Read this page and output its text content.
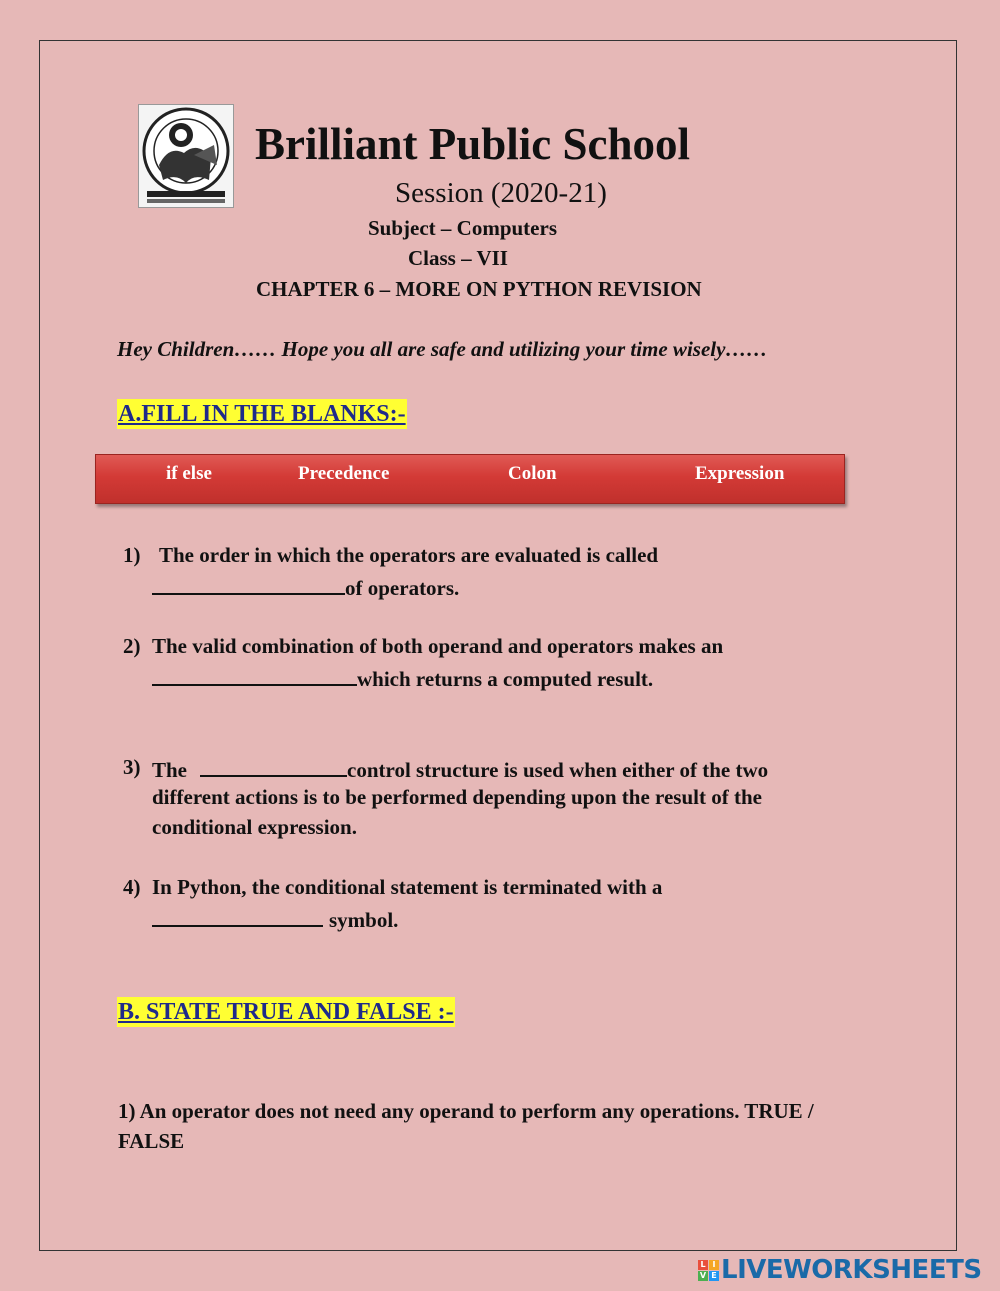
Brilliant Public School
Session (2020-21)
Subject – Computers
Class – VII
CHAPTER 6 – MORE ON PYTHON REVISION
Hey Children…… Hope you all are safe and utilizing your time wisely……
A.FILL IN THE BLANKS:-
if else	Precedence	Colon	Expression
1) The order in which the operators are evaluated is called
of operators.
2) The valid combination of both operand and operators makes an
which returns a computed result.
3) The	control structure is used when either of the two
different actions is to be performed depending upon the result of the
conditional expression.
4) In Python, the conditional statement is terminated with a
symbol.
B. STATE TRUE AND FALSE :-
1) An operator does not need any operand to perform any operations. TRUE /
FALSE
L I
V E LIVEWORKSHEETS
